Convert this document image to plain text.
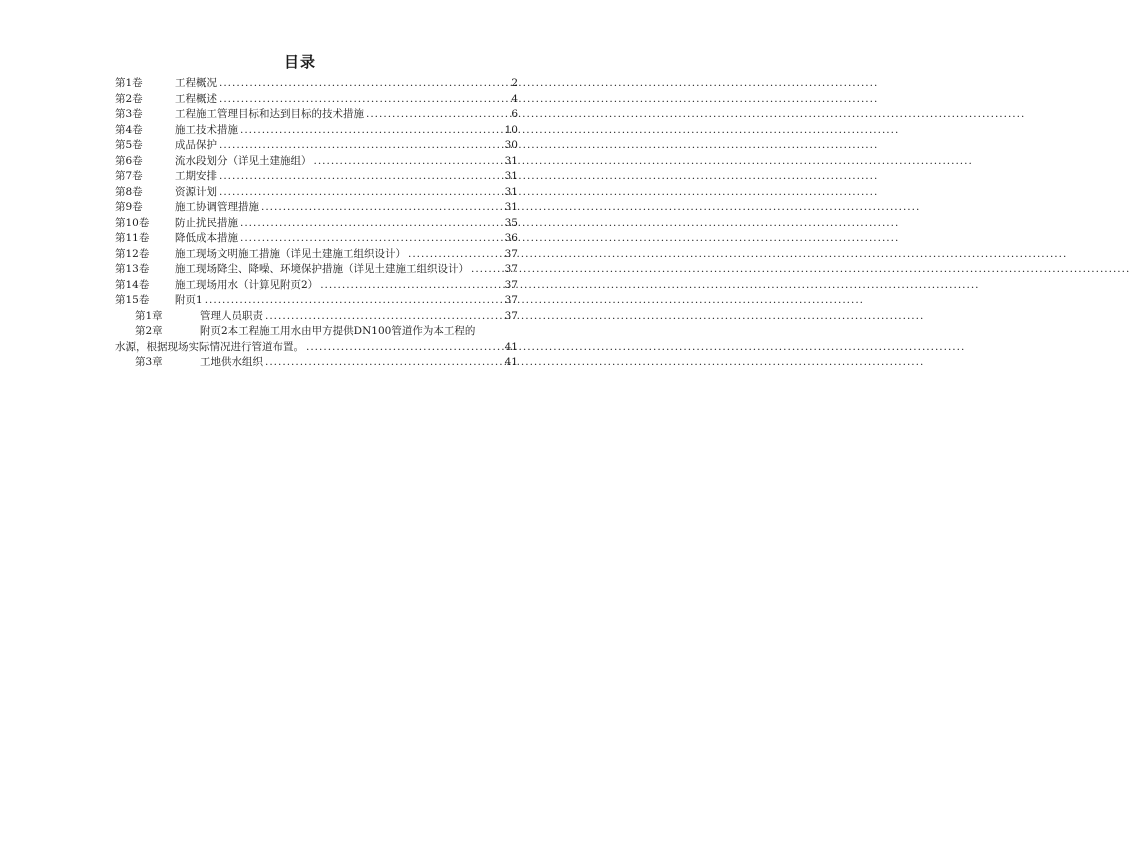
目录
第1卷	工程概况 .....	2
第2卷	工程概述 .....	4
第3卷	工程施工管理目标和达到目标的技术措施 .....	6
第4卷	施工技术措施 .....	10
第5卷	成品保护 .....	30
第6卷	流水段划分（详见土建施组） .....	31
第7卷	工期安排 .....	31
第8卷	资源计划 .....	31
第9卷	施工协调管理措施 .....	31
第10卷	防止扰民措施 .....	35
第11卷	降低成本措施 .....	36
第12卷	施工现场文明施工措施（详见土建施工组织设计） .....	37
第13卷	施工现场降尘、降噪、环境保护措施（详见土建施工组织设计） .....	37
第14卷	施工现场用水（计算见附页2） .....	37
第15卷	附页1 .....	37
第1章	管理人员职责 .....	37
第2章	附页2本工程施工用水由甲方提供DN100管道作为本工程的
水源，根据现场实际情况进行管道布置。 .....	41
第3章	工地供水组织 .....	41
